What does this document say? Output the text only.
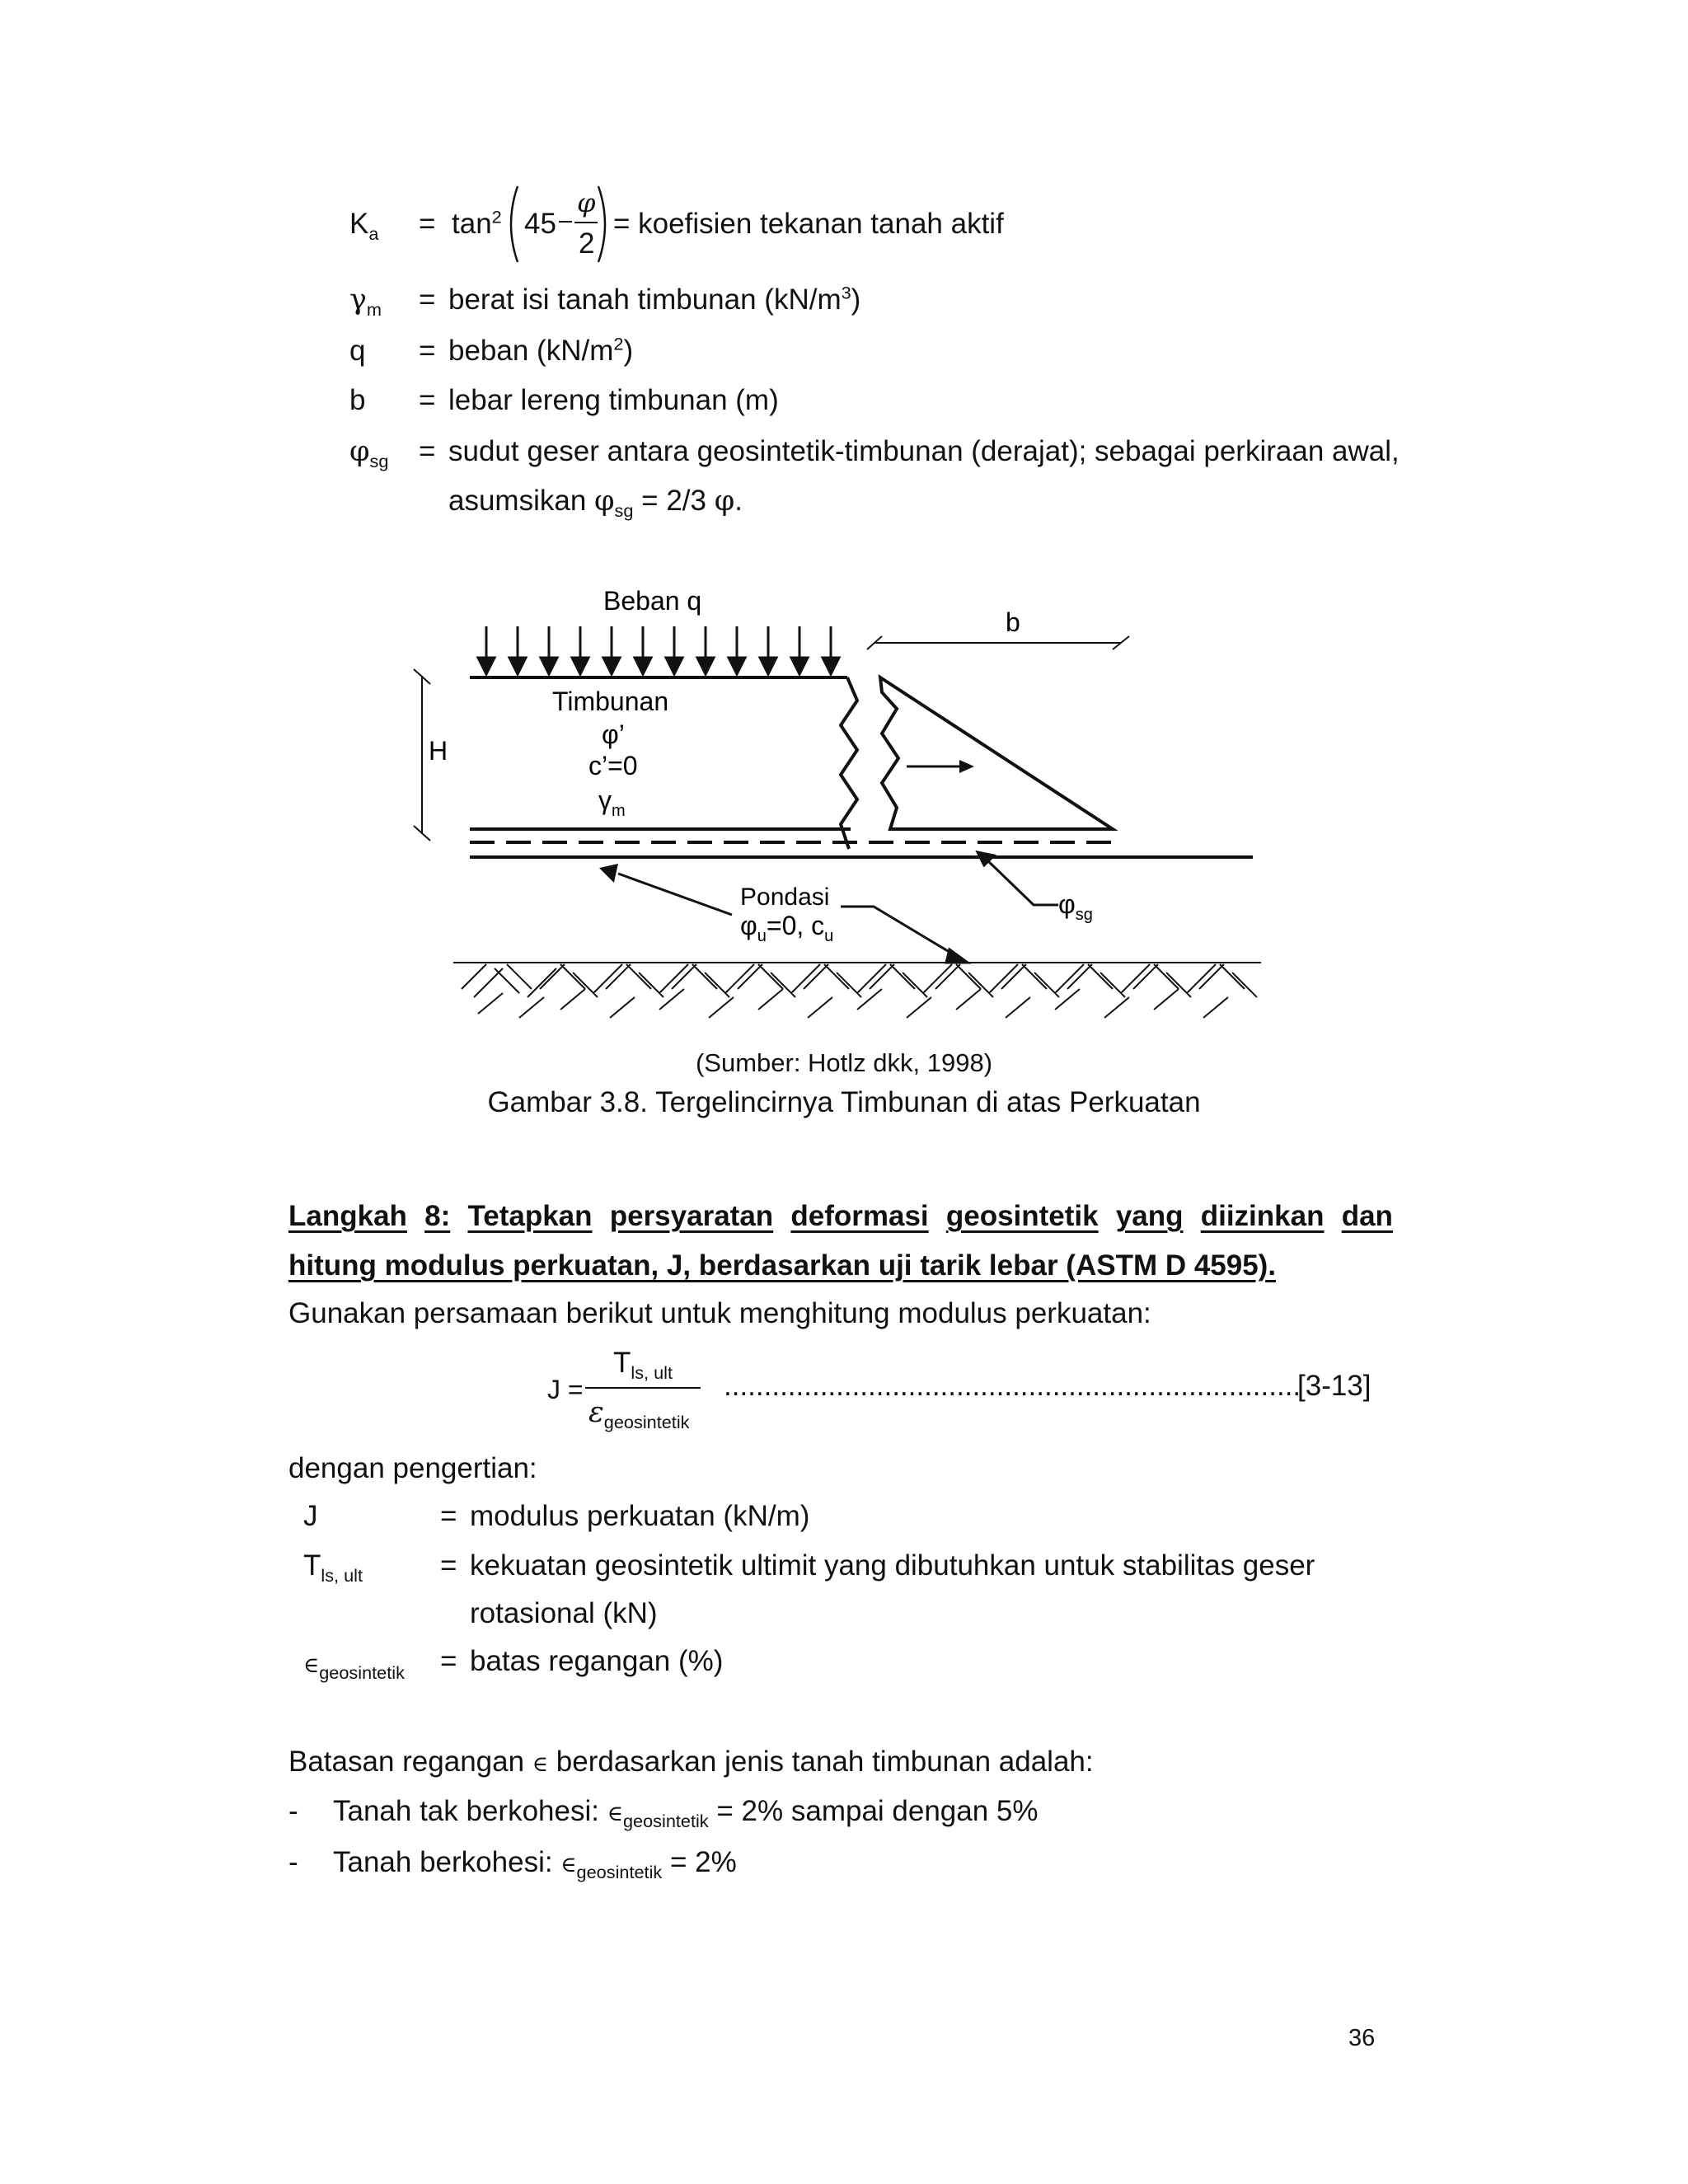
$K_a = \tan^2 45$
φ
2
= koefisien tekanan tanah aktif
$\gamma_m$ = berat isi tanah timbunan $(kN/m^3)$
q = beban $(kN/m^2)$
b = lebar lereng timbunan (m)
$\varphi_{sg}$ = sudut geser antara geosintetik-timbunan (derajat); sebagai perkiraan awal,
asumsikan $\varphi_{sg} = 2/3$ φ.
Beban q
b
H
Timbunan
φ’
c’=0
$\gamma_m$
Pondasi
$\varphi_u=0$, $c_u$
$\varphi_{sg}$
(Sumber: Hotlz dkk, 1998)
Gambar 3.8. Tergelincirnya Timbunan di atas Perkuatan
Langkah 8: Tetapkan persyaratan deformasi geosintetik yang diizinkan dan
hitung modulus perkuatan, J, berdasarkan uji tarik lebar (ASTM D 4595).
Gunakan persamaan berikut untuk menghitung modulus perkuatan:
J =
$T_{ls, ult}$
$\varepsilon_{geosintetik}$
........................................................................
[3-13]
dengan pengertian:
J	= modulus perkuatan (kN/m)
$T_{ls, ult}$	= kekuatan geosintetik ultimit yang dibutuhkan untuk stabilitas geser
rotasional (kN)
$\in_{geosintetik}$ = batas regangan (%)
Batasan regangan ∈ berdasarkan jenis tanah timbunan adalah:
- Tanah tak berkohesi: $\in_{geosintetik} = 2\%$ sampai dengan 5%
- Tanah berkohesi: $\in_{geosintetik} = 2\%$
36
